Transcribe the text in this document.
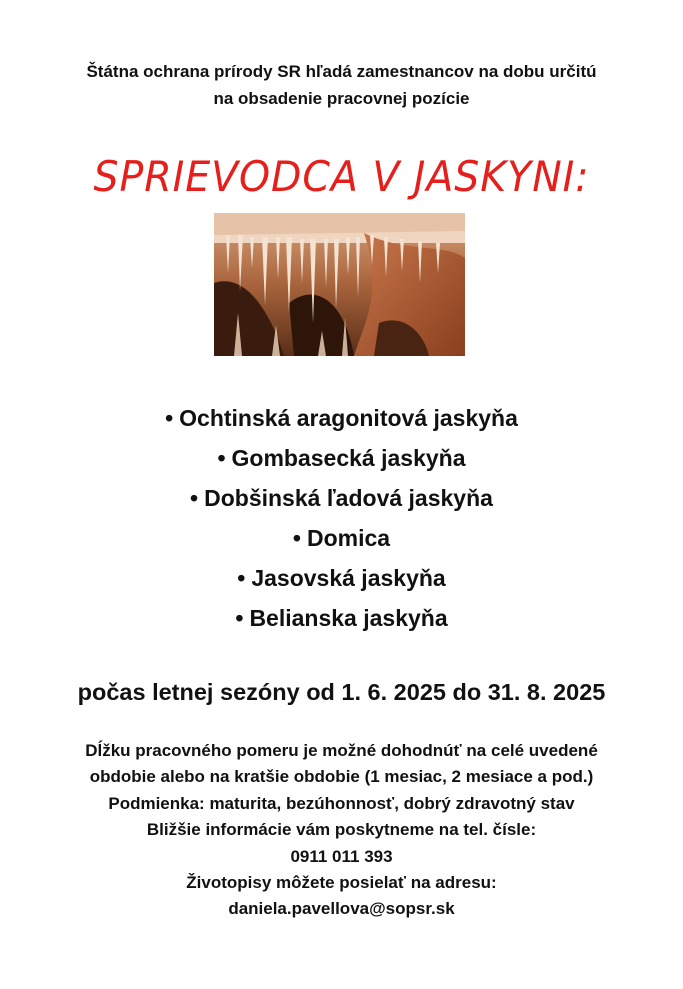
Štátna ochrana prírody SR hľadá zamestnancov na dobu určitú
na obsadenie pracovnej pozície
SPRIEVODCA V JASKYNI:
• Ochtinská aragonitová jaskyňa
• Gombasecká jaskyňa
• Dobšinská ľadová jaskyňa
• Domica
• Jasovská jaskyňa
• Belianska jaskyňa
počas letnej sezóny od 1. 6. 2025 do 31. 8. 2025
Dĺžku pracovného pomeru je možné dohodnúť na celé uvedené
obdobie alebo na kratšie obdobie (1 mesiac, 2 mesiace a pod.)
Podmienka: maturita, bezúhonnosť, dobrý zdravotný stav
Bližšie informácie vám poskytneme na tel. čísle:
0911 011 393
Životopisy môžete posielať na adresu:
daniela.pavellova@sopsr.sk
